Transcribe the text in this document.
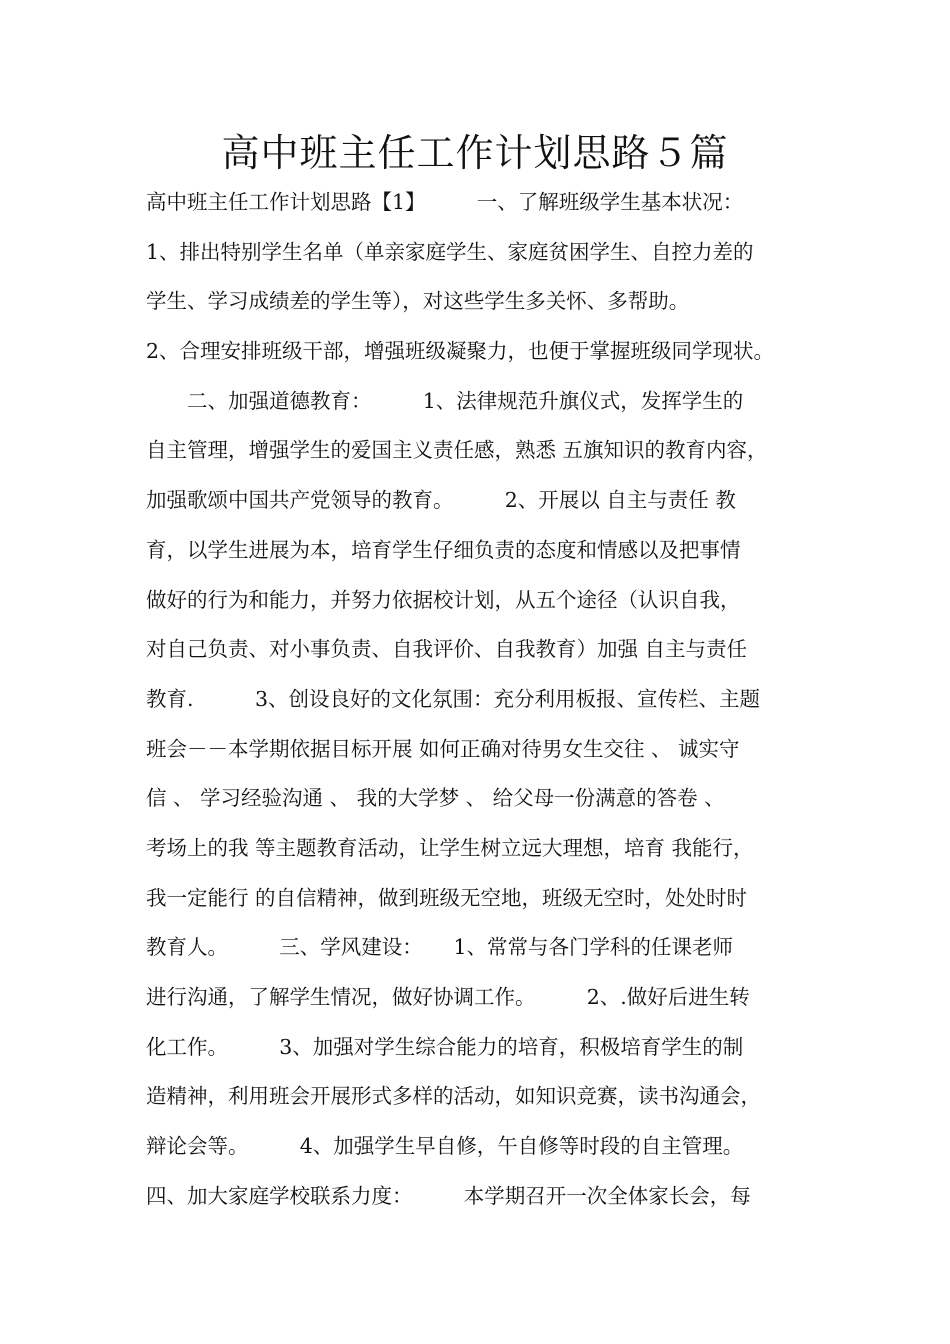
高中班主任工作计划思路５篇
高中班主任工作计划思路【1】　　　一、了解班级学生基本状况：
1、排出特别学生名单（单亲家庭学生、家庭贫困学生、自控力差的
学生、学习成绩差的学生等），对这些学生多关怀、多帮助。
2、合理安排班级干部，增强班级凝聚力，也便于掌握班级同学现状。
　　二、加强道德教育：　　　1、法律规范升旗仪式，发挥学生的
自主管理，增强学生的爱国主义责任感，熟悉 五旗知识的教育内容，
加强歌颂中国共产党领导的教育。　　　2、开展以 自主与责任 教
育，以学生进展为本，培育学生仔细负责的态度和情感以及把事情
做好的行为和能力，并努力依据校计划，从五个途径（认识自我，
对自己负责、对小事负责、自我评价、自我教育）加强 自主与责任
教育.　　　3、创设良好的文化氛围：充分利用板报、宣传栏、主题
班会－－本学期依据目标开展 如何正确对待男女生交往 、 诚实守
信 、 学习经验沟通 、 我的大学梦 、 给父母一份满意的答卷 、
考场上的我 等主题教育活动，让学生树立远大理想，培育 我能行，
我一定能行 的自信精神，做到班级无空地，班级无空时，处处时时
教育人。　　　三、学风建设：　　1、常常与各门学科的任课老师
进行沟通，了解学生情况，做好协调工作。　　　2、.做好后进生转
化工作。　　　3、加强对学生综合能力的培育，积极培育学生的制
造精神，利用班会开展形式多样的活动，如知识竞赛，读书沟通会，
辩论会等。　　　4、加强学生早自修，午自修等时段的自主管理。
四、加大家庭学校联系力度：　　　本学期召开一次全体家长会，每
